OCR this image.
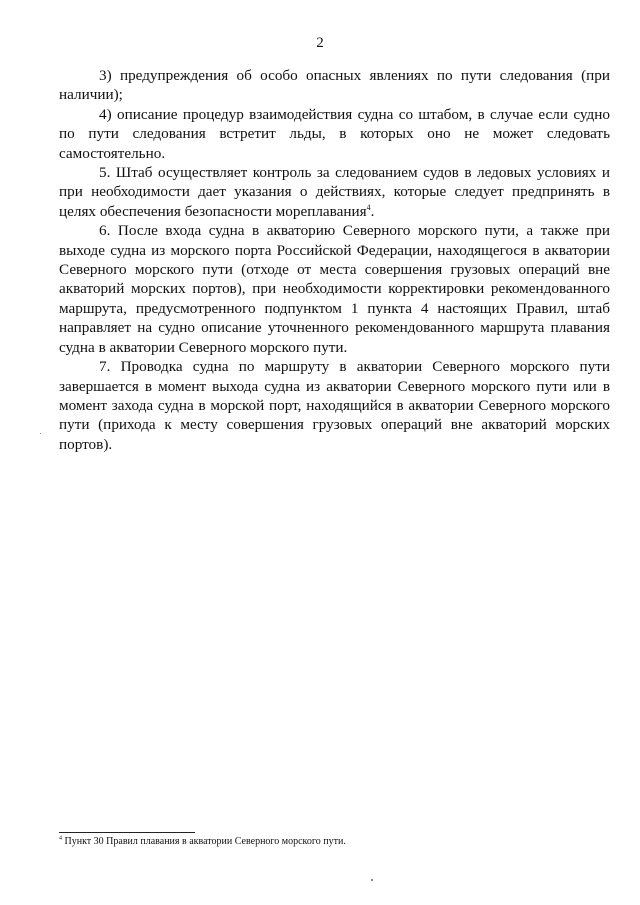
2

3) предупреждения об особо опасных явлениях по пути следования (при наличии);

4) описание процедур взаимодействия судна со штабом, в случае если судно по пути следования встретит льды, в которых оно не может следовать самостоятельно.

5. Штаб осуществляет контроль за следованием судов в ледовых условиях и при необходимости дает указания о действиях, которые следует предпринять в целях обеспечения безопасности мореплавания$^4$.

6. После входа судна в акваторию Северного морского пути, а также при выходе судна из морского порта Российской Федерации, находящегося в акватории Северного морского пути (отходе от места совершения грузовых операций вне акваторий морских портов), при необходимости корректировки рекомендованного маршрута, предусмотренного подпунктом 1 пункта 4 настоящих Правил, штаб направляет на судно описание уточненного рекомендованного маршрута плавания судна в акватории Северного морского пути.

7. Проводка судна по маршруту в акватории Северного морского пути завершается в момент выхода судна из акватории Северного морского пути или в момент захода судна в морской порт, находящийся в акватории Северного морского пути (прихода к месту совершения грузовых операций вне акваторий морских портов).

$^4$ Пункт 30 Правил плавания в акватории Северного морского пути.
